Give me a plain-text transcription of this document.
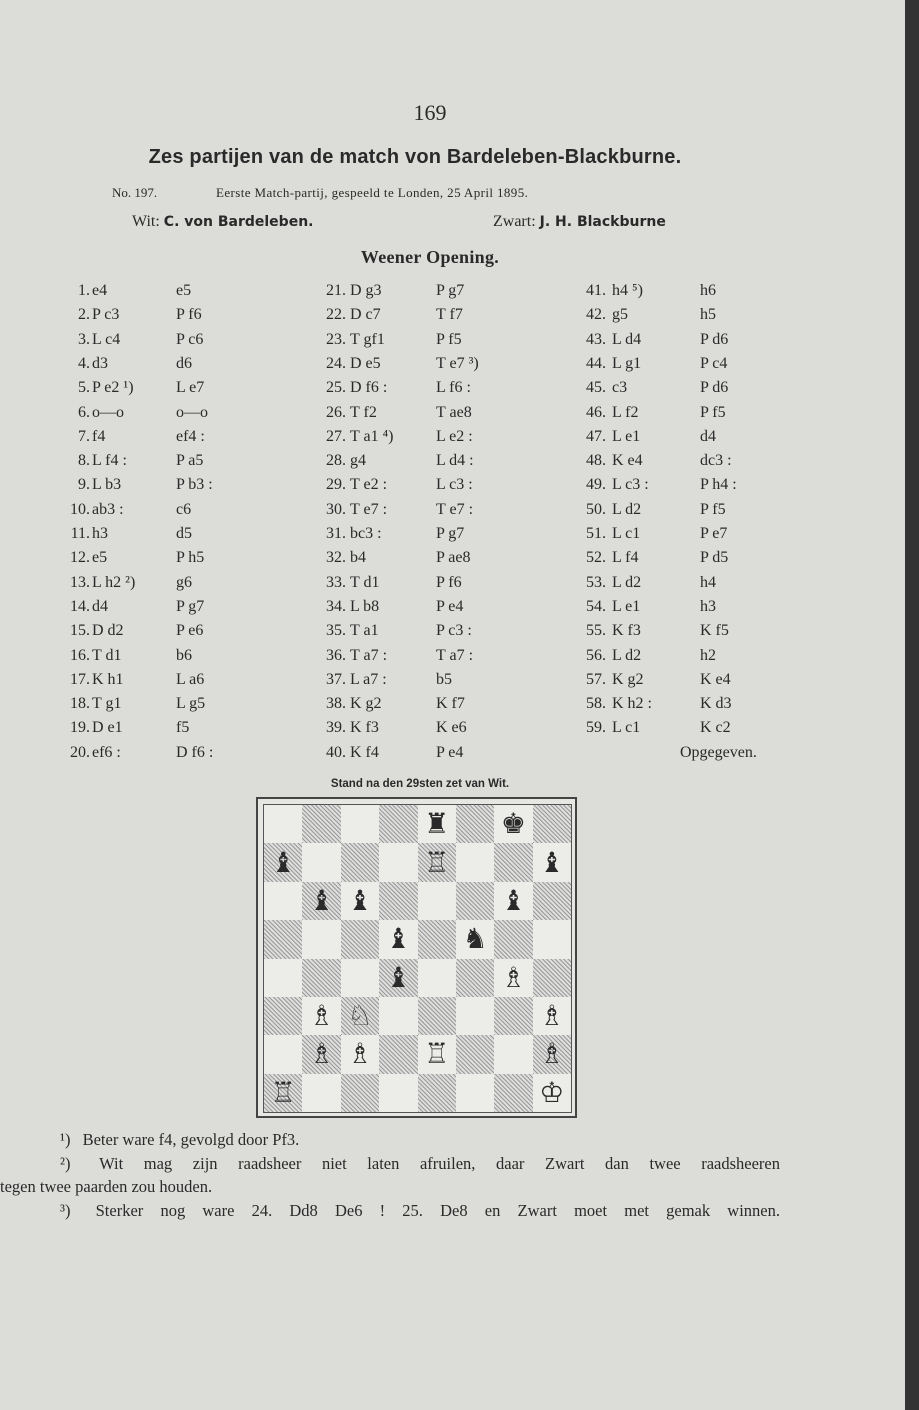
169
Zes partijen van de match von Bardeleben-Blackburne.
No. 197.	Eerste Match-partij, gespeeld te Londen, 25 April 1895.
Wit: C. von Bardeleben.	Zwart: J. H. Blackburne
Weener Opening.
1. e4	e5	21. D g3	P g7	41. h4 ⁵)	h6
2. P c3	P f6	22. D c7	T f7	42. g5	h5
3. L c4	P c6	23. T gf1	P f5	43. L d4	P d6
4. d3	d6	24. D e5	T e7 ³)	44. L g1	P c4
5. P e2 ¹)	L e7	25. D f6 :	L f6 :	45. c3	P d6
6. o—o	o—o	26. T f2	T ae8	46. L f2	P f5
7. f4	ef4 :	27. T a1 ⁴)	L e2 :	47. L e1	d4
8. L f4 :	P a5	28. g4	L d4 :	48. K e4	dc3 :
9. L b3	P b3 :	29. T e2 :	L c3 :	49. L c3 :	P h4 :
10. ab3 :	c6	30. T e7 :	T e7 :	50. L d2	P f5
11. h3	d5	31. bc3 :	P g7	51. L c1	P e7
12. e5	P h5	32. b4	P ae8	52. L f4	P d5
13. L h2 ²)	g6	33. T d1	P f6	53. L d2	h4
14. d4	P g7	34. L b8	P e4	54. L e1	h3
15. D d2	P e6	35. T a1	P c3 :	55. K f3	K f5
16. T d1	b6	36. T a7 :	T a7 :	56. L d2	h2
17. K h1	L a6	37. L a7 :	b5	57. K g2	K e4
18. T g1	L g5	38. K g2	K f7	58. K h2 :	K d3
19. D e1	f5	39. K f3	K e6	59. L c1	K c2
20. ef6 :	D f6 :	40. K f4	P e4	Opgegeven.
Stand na den 29sten zet van Wit.
♜ ♚
♝	♖	♝
♝ ♝	♝
♝ ♞
♝	♗
♗ ♘	♗
♗ ♗ ♖	♗
♖	♔
¹) Beter ware f4, gevolgd door Pf3.
²) Wit mag zijn raadsheer niet laten afruilen, daar Zwart dan twee raadsheeren
tegen twee paarden zou houden.
³) Sterker nog ware 24. Dd8 De6 ! 25. De8 en Zwart moet met gemak winnen.
